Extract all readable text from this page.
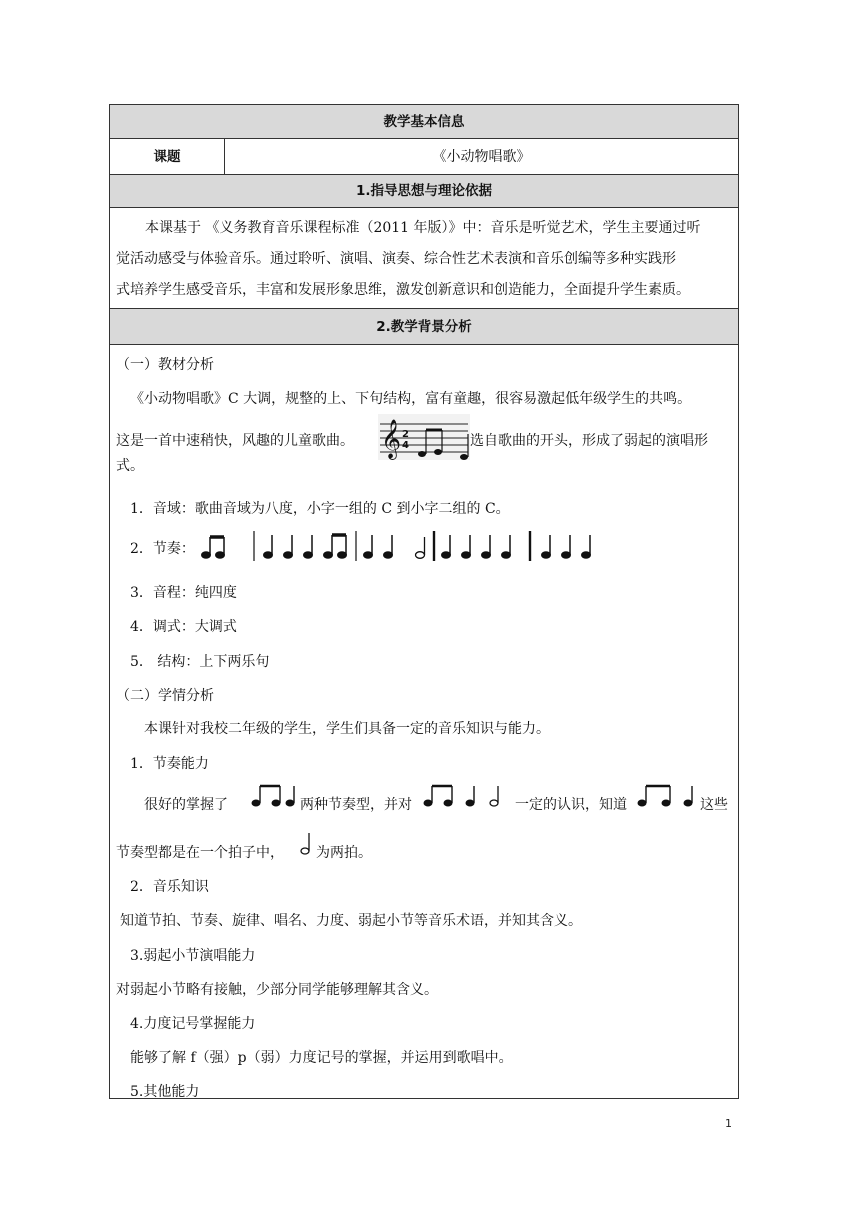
教学基本信息
课题	《小动物唱歌》
1.指导思想与理论依据
本课基于 《义务教育音乐课程标准（2011 年版）》中：音乐是听觉艺术，学生主要通过听
觉活动感受与体验音乐。通过聆听、演唱、演奏、综合性艺术表演和音乐创编等多种实践形
式培养学生感受音乐，丰富和发展形象思维，激发创新意识和创造能力，全面提升学生素质。
2.教学背景分析
（一）教材分析
《小动物唱歌》C 大调，规整的上、下句结构，富有童趣，很容易激起低年级学生的共鸣。
这是一首中速稍快，风趣的儿童歌曲。 𝄞 2
4	选自歌曲的开头，形成了弱起的演唱形
式。
1．音域：歌曲音域为八度，小字一组的 C 到小字二组的 C。
2．节奏：
3．音程：纯四度
4．调式：大调式
5． 结构：上下两乐句
（二）学情分析
本课针对我校二年级的学生，学生们具备一定的音乐知识与能力。
1．节奏能力
很好的掌握了	两种节奏型，并对	一定的认识，知道	这些
节奏型都是在一个拍子中， 为两拍。
2．音乐知识
知道节拍、节奏、旋律、唱名、力度、弱起小节等音乐术语，并知其含义。
3.弱起小节演唱能力
对弱起小节略有接触，少部分同学能够理解其含义。
4.力度记号掌握能力
能够了解 f（强）p（弱）力度记号的掌握，并运用到歌唱中。
5.其他能力
1
